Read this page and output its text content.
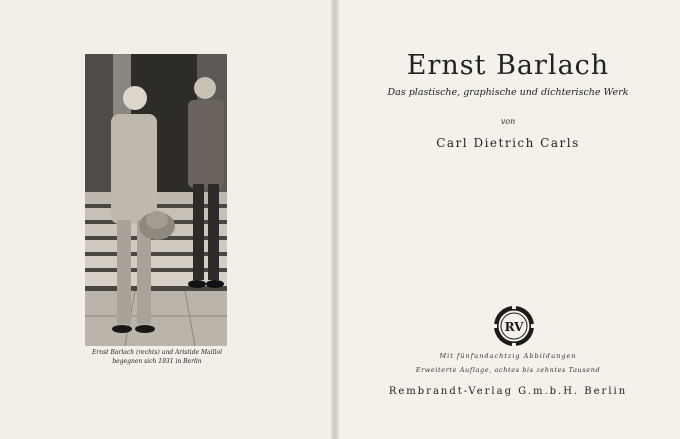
Ernst Barlach (rechts) und Aristide Maillol
begegnen sich 1931 in Berlin
Ernst Barlach
Das plastische, graphische und dichterische Werk
von
Carl Dietrich Carls
RV
Mit fünfundachtzig Abbildungen
Erweiterte Auflage, achtes bis zehntes Tausend
Rembrandt-Verlag G.m.b.H. Berlin
